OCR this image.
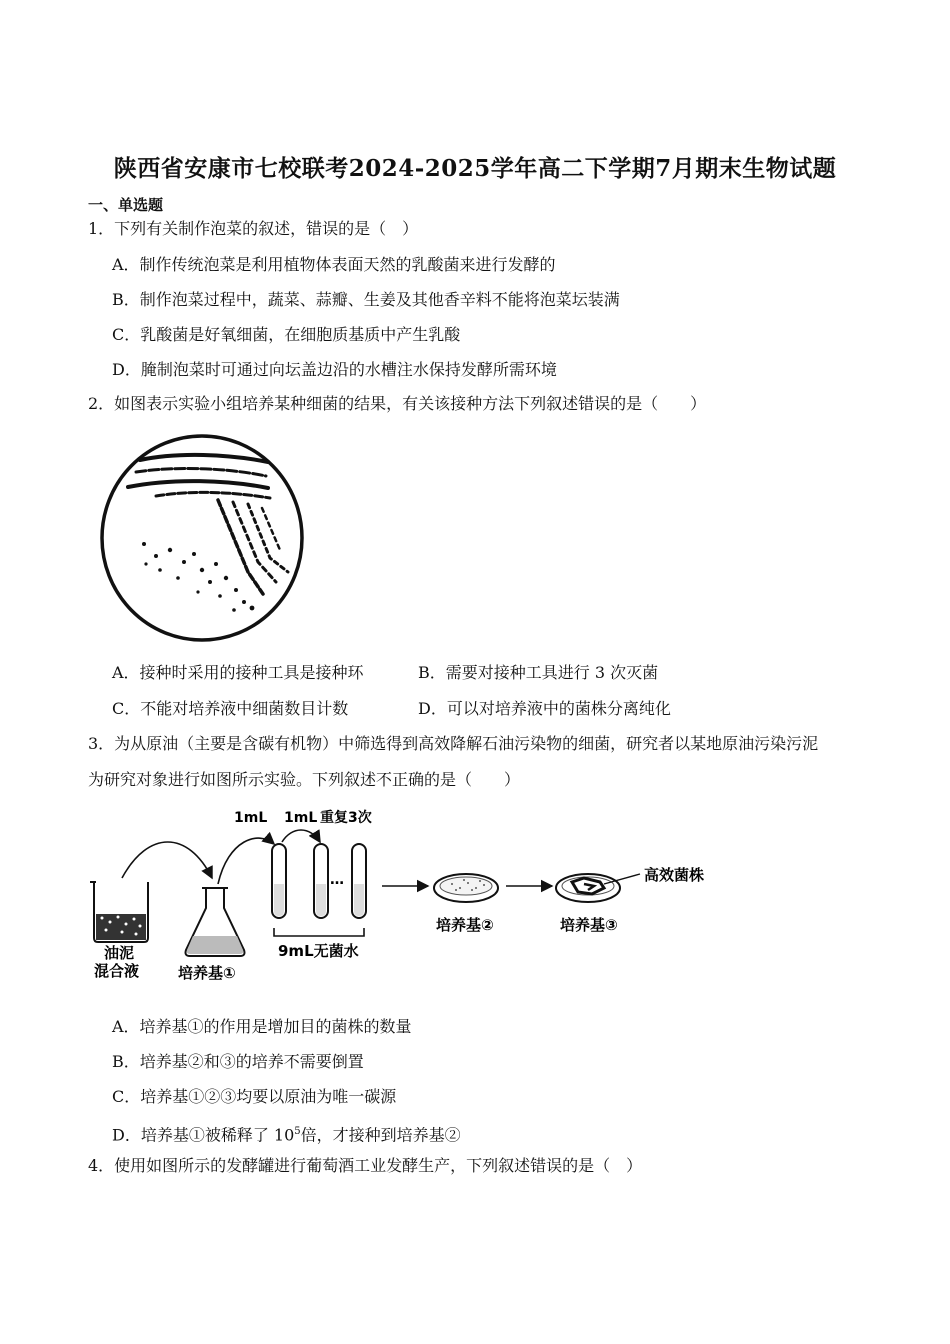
陕西省安康市七校联考2024-2025学年高二下学期7月期末生物试题
一、单选题
1．下列有关制作泡菜的叙述，错误的是（　）
A．制作传统泡菜是利用植物体表面天然的乳酸菌来进行发酵的
B．制作泡菜过程中，蔬菜、蒜瓣、生姜及其他香辛料不能将泡菜坛装满
C．乳酸菌是好氧细菌，在细胞质基质中产生乳酸
D．腌制泡菜时可通过向坛盖边沿的水槽注水保持发酵所需环境
2．如图表示实验小组培养某种细菌的结果，有关该接种方法下列叙述错误的是（　　）
A．接种时采用的接种工具是接种环	B．需要对接种工具进行 3 次灭菌
C．不能对培养液中细菌数目计数	D．可以对培养液中的菌株分离纯化
3．为从原油（主要是含碳有机物）中筛选得到高效降解石油污染物的细菌，研究者以某地原油污染污泥
为研究对象进行如图所示实验。下列叙述不正确的是（　　）
油泥
混合液	培养基①
1mL 1mL 重复3次
…
9mL无菌水
培养基②	培养基③
高效菌株
A．培养基①的作用是增加目的菌株的数量
B．培养基②和③的培养不需要倒置
C．培养基①②③均要以原油为唯一碳源
D．培养基①被稀释了 $10^5$倍，才接种到培养基②
4．使用如图所示的发酵罐进行葡萄酒工业发酵生产，下列叙述错误的是（　）
